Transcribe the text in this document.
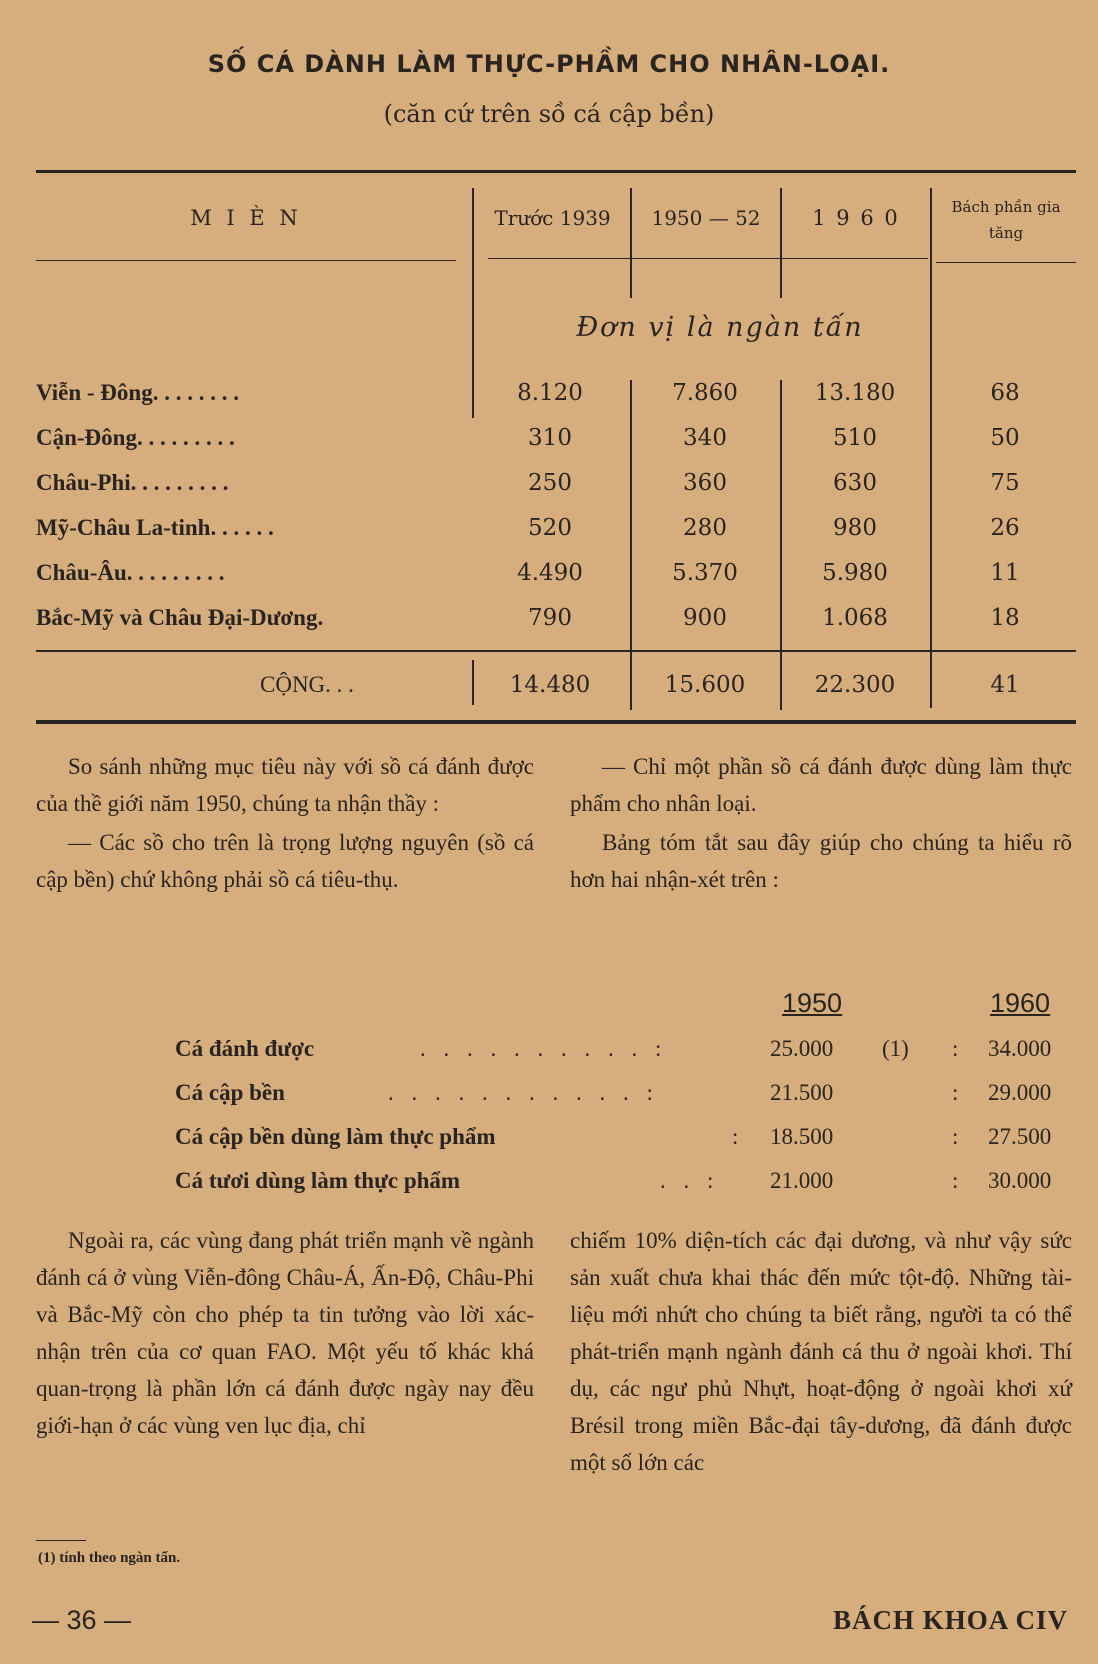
SỐ CÁ DÀNH LÀM THỰC-PHẦM CHO NHÂN-LOẠI.
(căn cứ trên sồ cá cập bền)
M I È N	Trước 1939	1950 — 52	1 9 6 0	Bách phần gia tăng
Đơn vị là ngàn tấn
Viễn - Đông. . . . . . . .	8.120	7.860	13.180	68
Cận-Đông. . . . . . . . .	310	340	510	50
Châu-Phi. . . . . . . . .	250	360	630	75
Mỹ-Châu La-tinh. . . . . .	520	280	980	26
Châu-Âu. . . . . . . . .	4.490	5.370	5.980	11
Bắc-Mỹ và Châu Đại-Dương.	790	900	1.068	18
CỘNG. . .	14.480	15.600	22.300	41

So sánh những mục tiêu này với sồ cá đánh được của thề giới năm 1950, chúng ta nhận thầy :

— Các sồ cho trên là trọng lượng nguyên (sồ cá cập bền) chứ không phải sồ cá tiêu-thụ.

— Chỉ một phần sồ cá đánh được dùng làm thực phẩm cho nhân loại.

Bảng tóm tắt sau đây giúp cho chúng ta hiểu rõ hơn hai nhận-xét trên :

1950	1960
Cá đánh được	. . . . . . . . . . :	25.000 (1) : 34.000
Cá cập bền	. . . . . . . . . . . :	21.500	: 29.000
Cá cập bền dùng làm thực phẩm	: 18.500	: 27.500
Cá tươi dùng làm thực phẩm	. . : 21.000	: 30.000

Ngoài ra, các vùng đang phát triển mạnh về ngành đánh cá ở vùng Viễn-đông Châu-Á, Ấn-Độ, Châu-Phi và Bắc-Mỹ còn cho phép ta tin tưởng vào lời xác-nhận trên của cơ quan FAO. Một yếu tố khác khá quan-trọng là phần lớn cá đánh được ngày nay đều giới-hạn ở các vùng ven lục địa, chỉ

chiếm 10% diện-tích các đại dương, và như vậy sức sản xuất chưa khai thác đến mức tột-độ. Những tài-liệu mới nhứt cho chúng ta biết rằng, người ta có thể phát-triển mạnh ngành đánh cá thu ở ngoài khơi. Thí dụ, các ngư phủ Nhựt, hoạt-động ở ngoài khơi xứ Brésil trong miền Bắc-đại tây-dương, đã đánh được một số lớn các

(1) tính theo ngàn tấn.
— 36 —	BÁCH KHOA CIV
